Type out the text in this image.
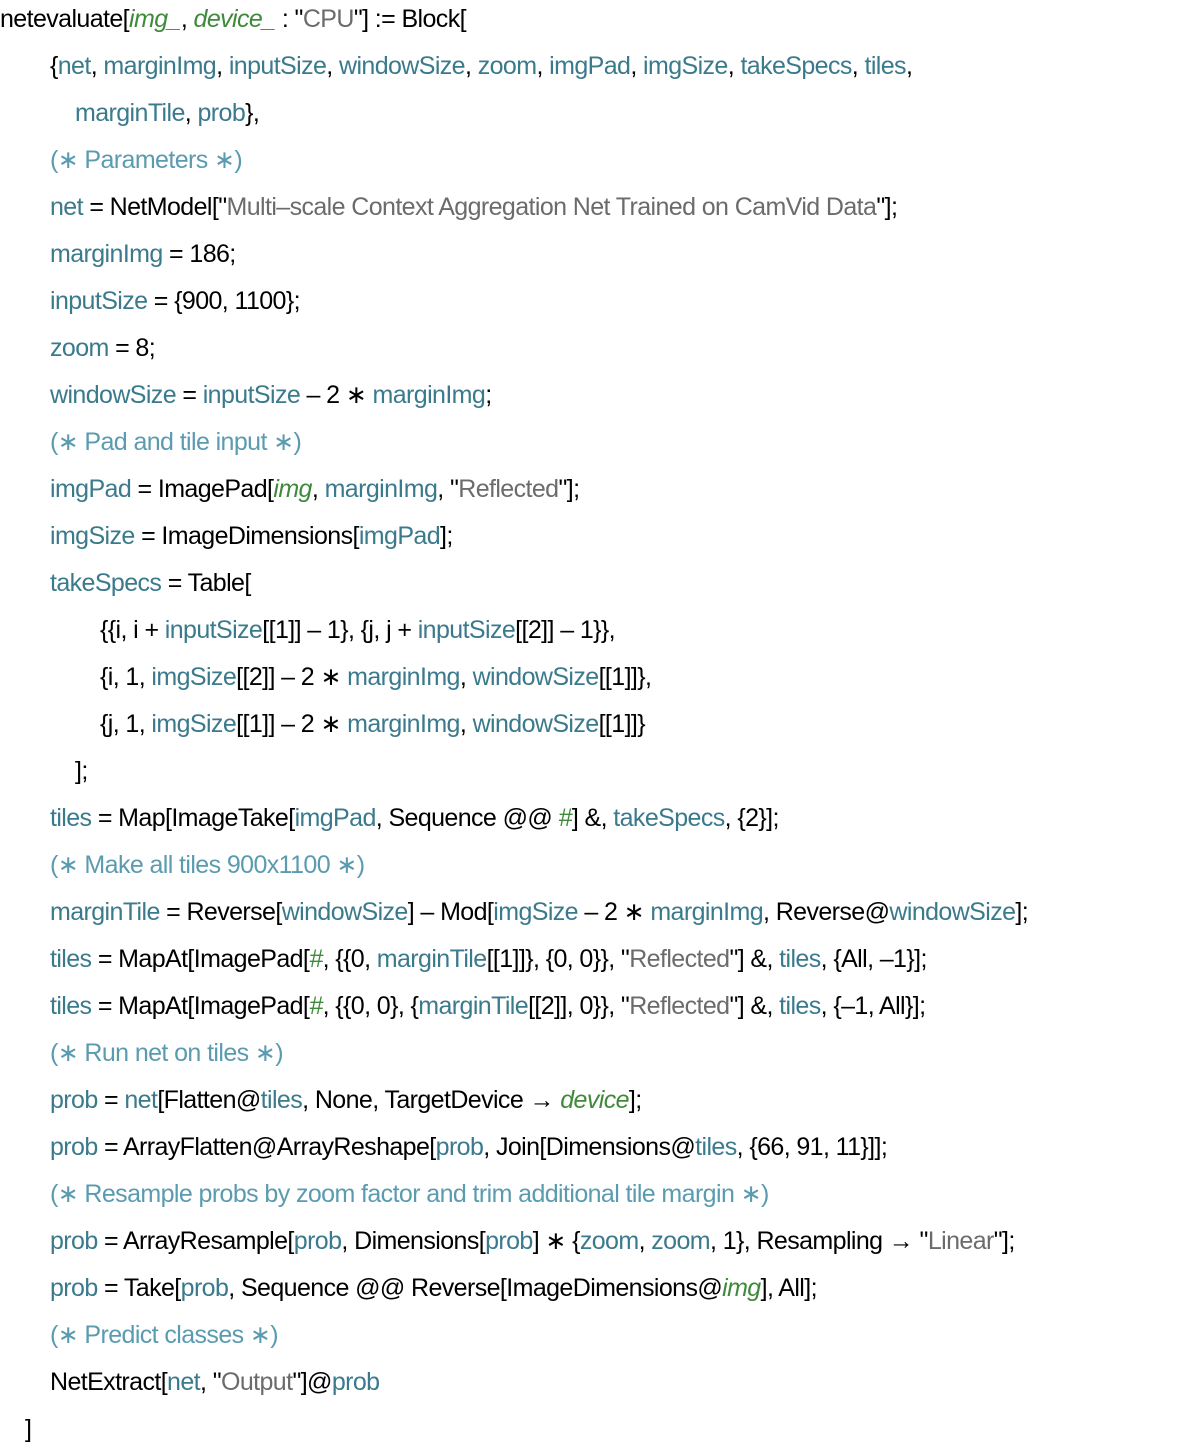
netevaluate[img_, device_ : "CPU"] := Block[
{net, marginImg, inputSize, windowSize, zoom, imgPad, imgSize, takeSpecs, tiles,
marginTile, prob},
(∗ Parameters ∗)
net = NetModel["Multi–scale Context Aggregation Net Trained on CamVid Data"];
marginImg = 186;
inputSize = {900, 1100};
zoom = 8;
windowSize = inputSize – 2 ∗ marginImg;
(∗ Pad and tile input ∗)
imgPad = ImagePad[img, marginImg, "Reflected"];
imgSize = ImageDimensions[imgPad];
takeSpecs = Table[
{{i, i + inputSize[[1]] – 1}, {j, j + inputSize[[2]] – 1}},
{i, 1, imgSize[[2]] – 2 ∗ marginImg, windowSize[[1]]},
{j, 1, imgSize[[1]] – 2 ∗ marginImg, windowSize[[1]]}
];
tiles = Map[ImageTake[imgPad, Sequence @@ #] &, takeSpecs, {2}];
(∗ Make all tiles 900x1100 ∗)
marginTile = Reverse[windowSize] – Mod[imgSize – 2 ∗ marginImg, Reverse@windowSize];
tiles = MapAt[ImagePad[#, {{0, marginTile[[1]]}, {0, 0}}, "Reflected"] &, tiles, {All, –1}];
tiles = MapAt[ImagePad[#, {{0, 0}, {marginTile[[2]], 0}}, "Reflected"] &, tiles, {–1, All}];
(∗ Run net on tiles ∗)
prob = net[Flatten@tiles, None, TargetDevice → device];
prob = ArrayFlatten@ArrayReshape[prob, Join[Dimensions@tiles, {66, 91, 11}]];
(∗ Resample probs by zoom factor and trim additional tile margin ∗)
prob = ArrayResample[prob, Dimensions[prob] ∗ {zoom, zoom, 1}, Resampling → "Linear"];
prob = Take[prob, Sequence @@ Reverse[ImageDimensions@img], All];
(∗ Predict classes ∗)
NetExtract[net, "Output"]@prob
]
